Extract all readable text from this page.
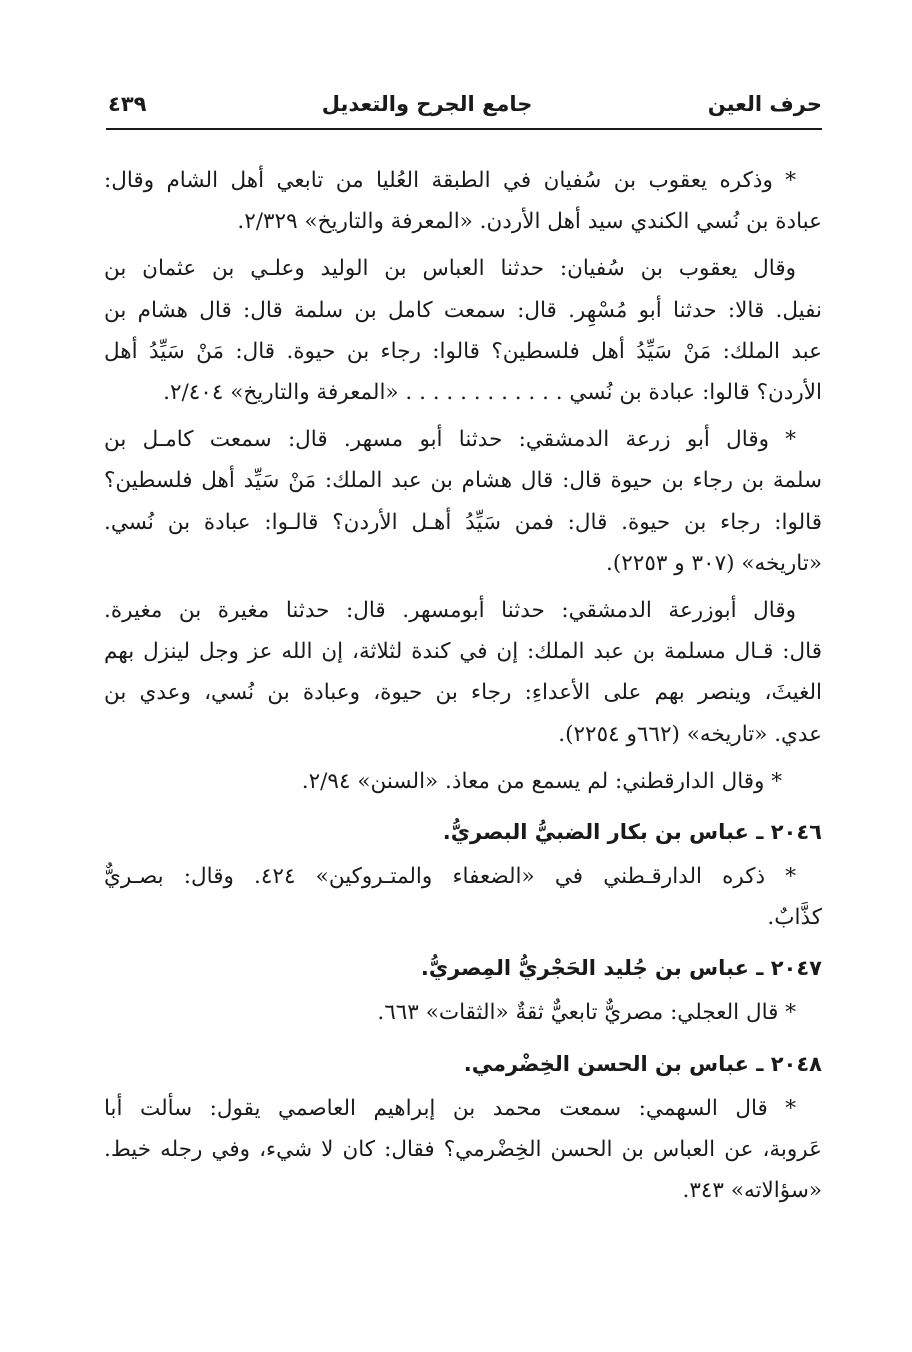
٤٣٩	جامع الجرح والتعديل	حرف العين
* وذكره يعقوب بن سُفيان في الطبقة العُليا من تابعي أهل الشام وقال:
عبادة بن نُسي الكندي سيد أهل الأردن. «المعرفة والتاريخ» ٢/٣٢٩.
وقال يعقوب بن سُفيان: حدثنا العباس بن الوليد وعلـي بن عثمان بن
نفيل. قالا: حدثنا أبو مُسْهِر. قال: سمعت كامل بن سلمة قال: قال هشام بن
عبد الملك: مَنْ سَيِّدُ أهل فلسطين؟ قالوا: رجاء بن حيوة. قال: مَنْ سَيِّدُ أهل
الأردن؟ قالوا: عبادة بن نُسي . . . . . . . . . . . . «المعرفة والتاريخ» ٢/٤٠٤.
* وقال أبو زرعة الدمشقي: حدثنا أبو مسهر. قال: سمعت كامـل بن
سلمة بن رجاء بن حيوة قال: قال هشام بن عبد الملك: مَنْ سَيِّد أهل فلسطين؟
قالوا: رجاء بن حيوة. قال: فمن سَيِّدُ أهـل الأردن؟ قالـوا: عبادة بن نُسي.
«تاريخه» (٣٠٧ و ٢٢٥٣).
وقال أبوزرعة الدمشقي: حدثنا أبومسهر. قال: حدثنا مغيرة بن مغيرة.
قال: قـال مسلمة بن عبد الملك: إن في كندة لثلاثة، إن الله عز وجل لينزل بهم
الغيثَ، وينصر بهم على الأعداءِ: رجاء بن حيوة، وعبادة بن نُسي، وعدي بن
عدي. «تاريخه» (٦٦٢و ٢٢٥٤).
* وقال الدارقطني: لم يسمع من معاذ. «السنن» ٢/٩٤.
٢٠٤٦ ـ عباس بن بكار الضبيُّ البصريُّ.
* ذكره الدارقـطني في «الضعفاء والمتـروكين» ٤٢٤. وقال: بصـريٌّ
كذَّابٌ.
٢٠٤٧ ـ عباس بن جُليد الحَجْريُّ المِصريُّ.
* قال العجلي: مصريٌّ تابعيٌّ ثقةٌ «الثقات» ٦٦٣.
٢٠٤٨ ـ عباس بن الحسن الخِضْرمي.
* قال السهمي: سمعت محمد بن إبراهيم العاصمي يقول: سألت أبا
عَروبة، عن العباس بن الحسن الخِضْرمي؟ فقال: كان لا شيء، وفي رجله خيط.
«سؤالاته» ٣٤٣.
